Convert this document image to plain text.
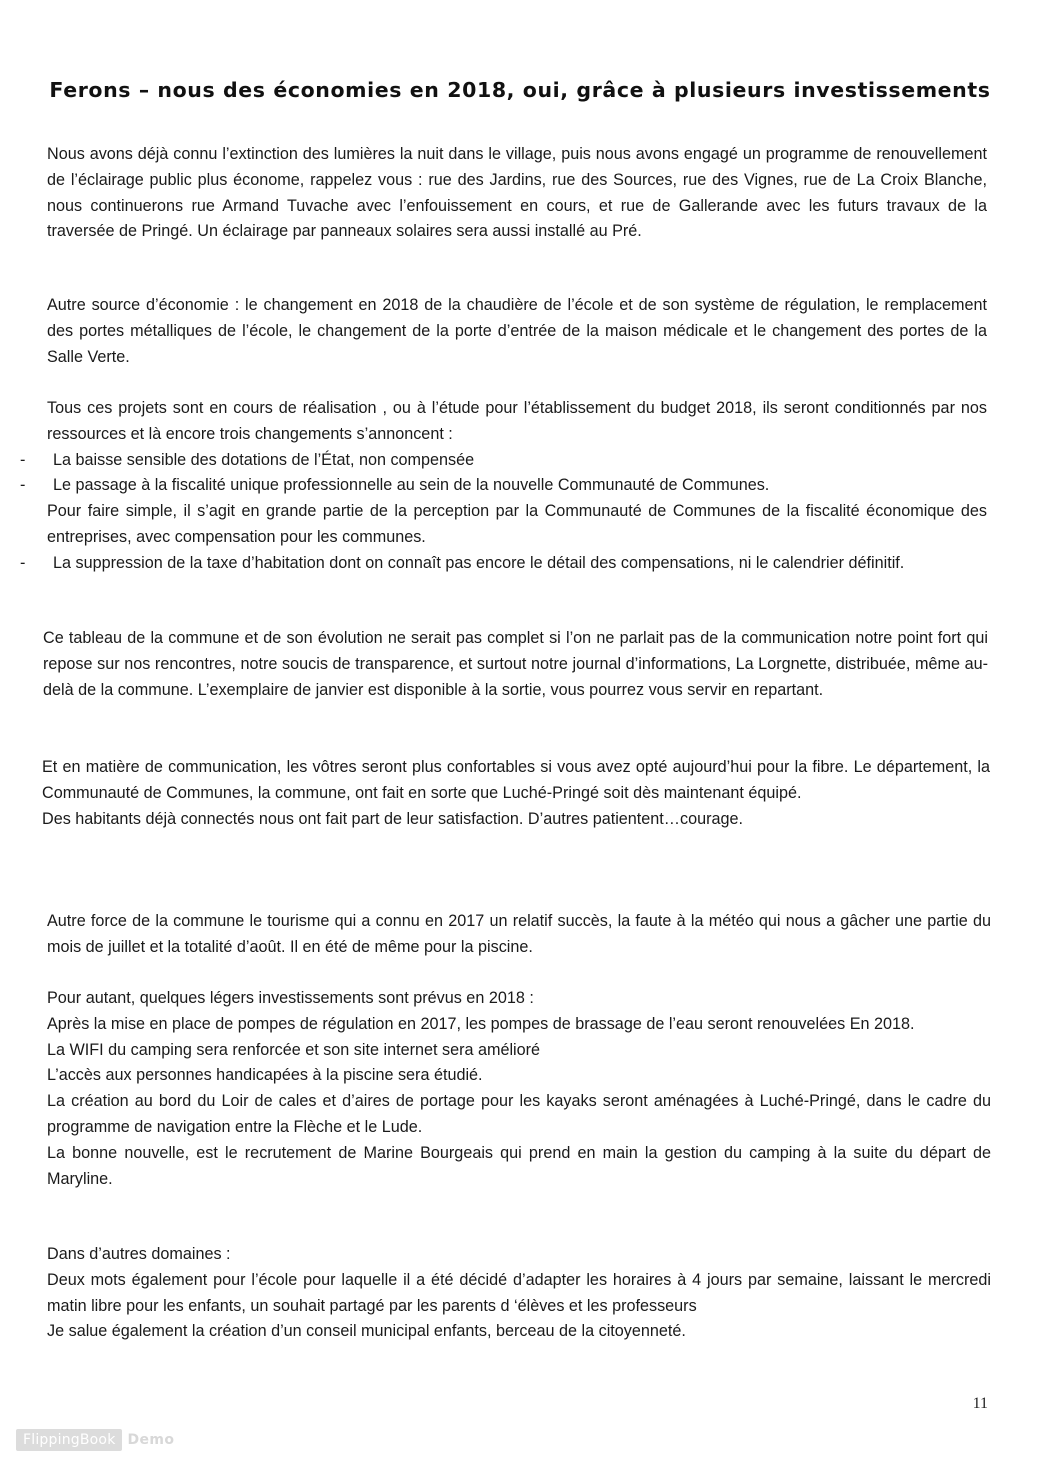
Ferons – nous des économies en 2018, oui, grâce à plusieurs investissements

Nous avons déjà connu l’extinction des lumières la nuit dans le village, puis nous avons engagé un programme de renouvellement de l’éclairage public plus économe, rappelez vous : rue des Jardins, rue des Sources, rue des Vignes, rue de La Croix Blanche, nous continuerons rue Armand Tuvache avec l’enfouissement en cours, et rue de Gallerande avec les futurs travaux de la traversée de Pringé. Un éclairage par panneaux solaires sera aussi installé au Pré.

Autre source d’économie : le changement en 2018 de la chaudière de l’école et de son système de régulation, le remplacement des portes métalliques de l’école, le changement de la porte d’entrée de la maison médicale et le changement des portes de la Salle Verte.

Tous ces projets sont en cours de réalisation , ou à l’étude pour l’établissement du budget 2018, ils seront conditionnés par nos ressources et là encore trois changements s’annoncent :

- La baisse sensible des dotations de l’État, non compensée
- Le passage à la fiscalité unique professionnelle au sein de la nouvelle Communauté de Communes.

Pour faire simple, il s’agit en grande partie de la perception par la Communauté de Communes de la fiscalité économique des entreprises, avec compensation pour les communes.

- La suppression de la taxe d’habitation dont on connaît pas encore le détail des compensations, ni le calendrier définitif.

Ce tableau de la commune et de son évolution ne serait pas complet si l’on ne parlait pas de la communication notre point fort qui repose sur nos rencontres, notre soucis de transparence, et surtout notre journal d’informations, La Lorgnette, distribuée, même au-delà de la commune. L’exemplaire de janvier est disponible à la sortie, vous pourrez vous servir en repartant.

Et en matière de communication, les vôtres seront plus confortables si vous avez opté aujourd’hui pour la fibre. Le département, la Communauté de Communes, la commune, ont fait en sorte que Luché-Pringé soit dès maintenant équipé.

Des habitants déjà connectés nous ont fait part de leur satisfaction. D’autres patientent…courage.

Autre force de la commune le tourisme qui a connu en 2017 un relatif succès, la faute à la météo qui nous a gâcher une partie du mois de juillet et la totalité d’août. Il en été de même pour la piscine.

Pour autant, quelques légers investissements sont prévus en 2018 :

Après la mise en place de pompes de régulation en 2017, les pompes de brassage de l’eau seront renouvelées En 2018.

La WIFI du camping sera renforcée et son site internet sera amélioré

L’accès aux personnes handicapées à la piscine sera étudié.

La création au bord du Loir de cales et d’aires de portage pour les kayaks seront aménagées à Luché-Pringé, dans le cadre du programme de navigation entre la Flèche et le Lude.

La bonne nouvelle, est le recrutement de Marine Bourgeais qui prend en main la gestion du camping à la suite du départ de Maryline.

Dans d’autres domaines :

Deux mots également pour l’école pour laquelle il a été décidé d’adapter les horaires à 4 jours par semaine, laissant le mercredi matin libre pour les enfants, un souhait partagé par les parents d ‘élèves et les professeurs

Je salue également la création d’un conseil municipal enfants, berceau de la citoyenneté.

11
FlippingBook Demo
